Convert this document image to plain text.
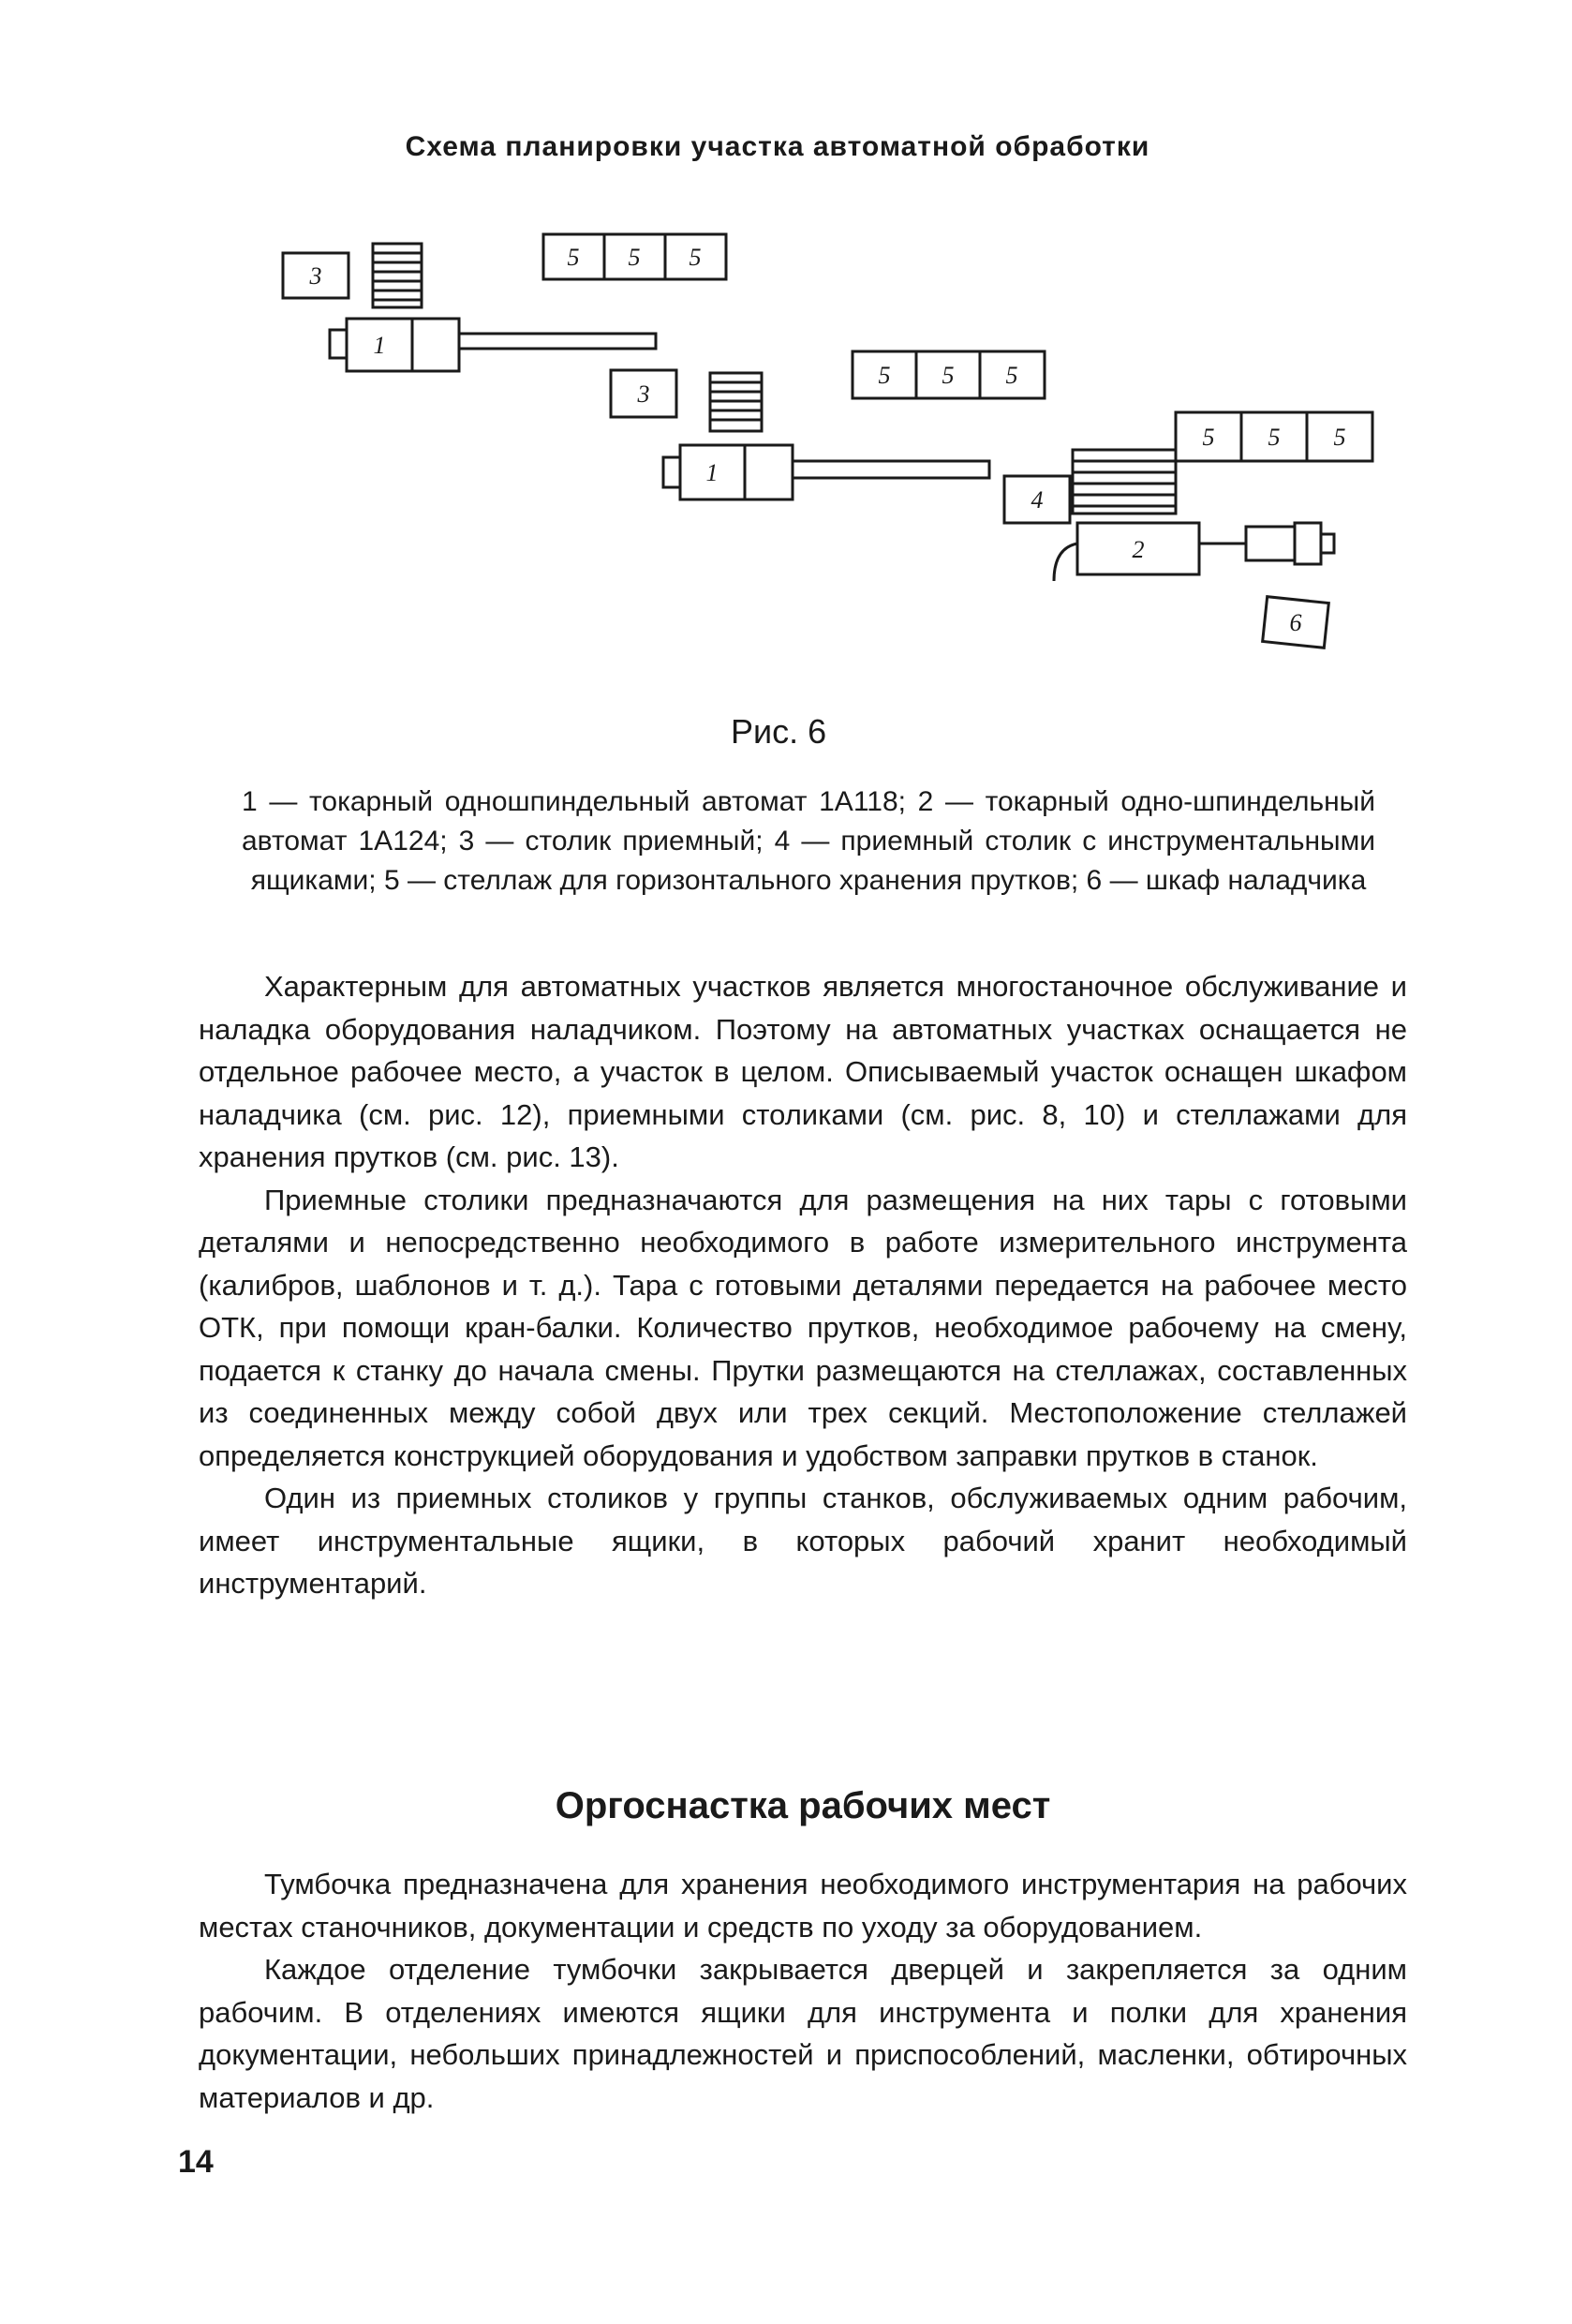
Схема планировки участка автоматной обработки
3
5 5 5
1
3
5 5 5
1
5 5 5
4
2
6
Рис. 6
1 — токарный одношпиндельный автомат 1А118; 2 — токарный одно-шпиндельный автомат 1А124; 3 — столик приемный; 4 — приемный столик с инструментальными ящиками; 5 — стеллаж для горизонтального хранения прутков; 6 — шкаф наладчика

Характерным для автоматных участков является многостаночное обслуживание и наладка оборудования наладчиком. Поэтому на автоматных участках оснащается не отдельное рабочее место, а участок в целом. Описываемый участок оснащен шкафом наладчика (см. рис. 12), приемными столиками (см. рис. 8, 10) и стеллажами для хранения прутков (см. рис. 13).

Приемные столики предназначаются для размещения на них тары с готовыми деталями и непосредственно необходимого в работе измерительного инструмента (калибров, шаблонов и т. д.). Тара с готовыми деталями передается на рабочее место ОТК, при помощи кран-балки. Количество прутков, необходимое рабочему на смену, подается к станку до начала смены. Прутки размещаются на стеллажах, составленных из соединенных между собой двух или трех секций. Местоположение стеллажей определяется конструкцией оборудования и удобством заправки прутков в станок.

Один из приемных столиков у группы станков, обслуживаемых одним рабочим, имеет инструментальные ящики, в которых рабочий хранит необходимый инструментарий.

Оргоснастка рабочих мест

Тумбочка предназначена для хранения необходимого инструментария на рабочих местах станочников, документации и средств по уходу за оборудованием.

Каждое отделение тумбочки закрывается дверцей и закрепляется за одним рабочим. В отделениях имеются ящики для инструмента и полки для хранения документации, небольших принадлежностей и приспособлений, масленки, обтирочных материалов и др.

14
